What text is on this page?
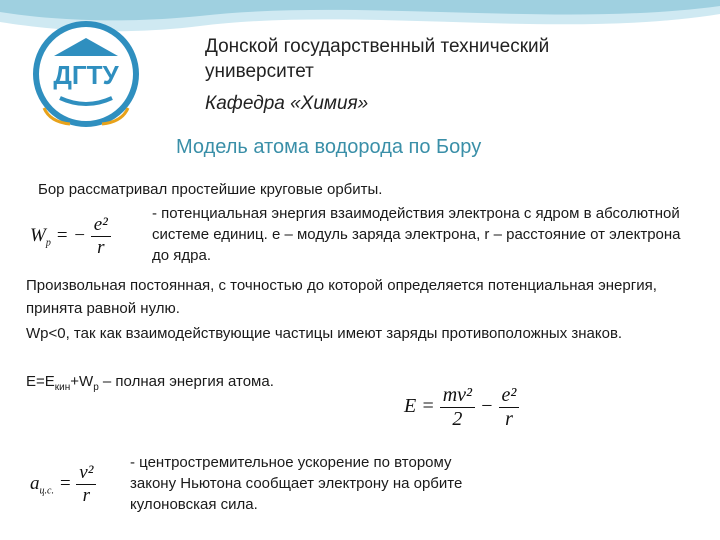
ДГТУ
Донской государственный технический
университет
Кафедра «Химия»
Модель атома водорода по Бору
Бор рассматривал простейшие круговые орбиты.
$W_p$ = − $\frac{\text{e²}}{r}$
- потенциальная энергия взаимодействия электрона с ядром в абсолютной системе единиц. e – модуль заряда электрона, r – расстояние от электрона до ядра.
Произвольная постоянная, с точностью до которой определяется потенциальная энергия, принята равной нулю.
Wp<0, так как взаимодействующие частицы имеют заряды противоположных знаков.
$E=E_{кин}+W_p$ – полная энергия атома.
$E = \frac{\text{mv²}}{2} - \frac{\text{e²}}{r}$
$a_{ц.с.} = \frac{\text{v²}}{r}$ - центростремительное ускорение по второму закону Ньютона сообщает электрону на орбите кулоновская сила.
